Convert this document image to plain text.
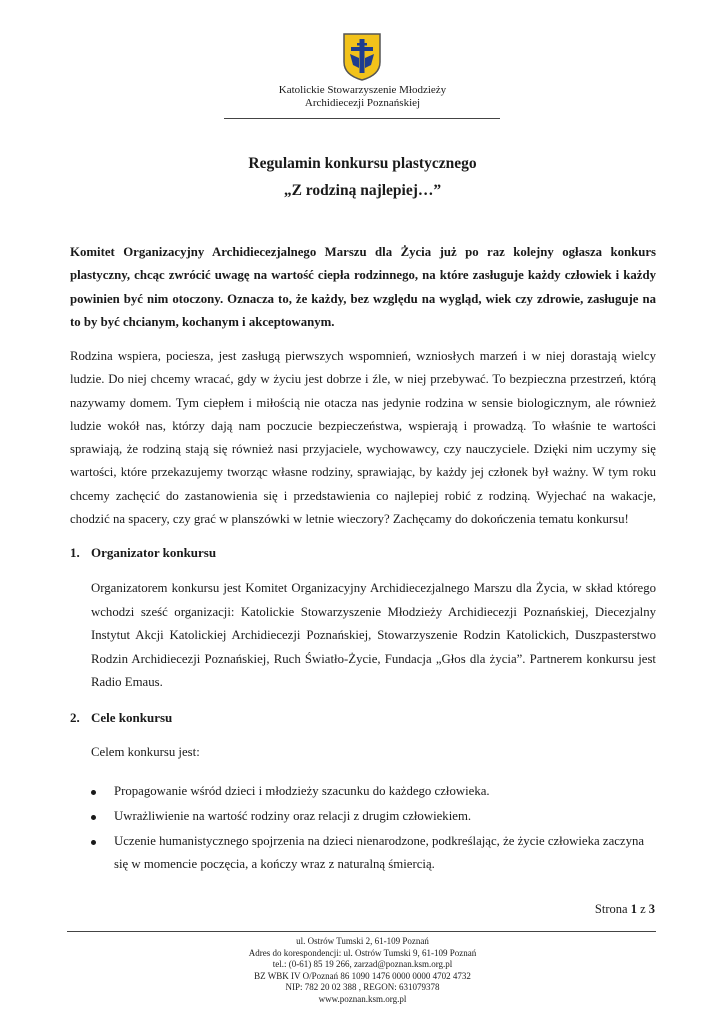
Katolickie Stowarzyszenie Młodzieży
Archidiecezji Poznańskiej
Regulamin konkursu plastycznego
„Z rodziną najlepiej…”

Komitet Organizacyjny Archidiecezjalnego Marszu dla Życia już po raz kolejny ogłasza konkurs plastyczny, chcąc zwrócić uwagę na wartość ciepła rodzinnego, na które zasługuje każdy człowiek i każdy powinien być nim otoczony. Oznacza to, że każdy, bez względu na wygląd, wiek czy zdrowie, zasługuje na to by być chcianym, kochanym i akceptowanym.

Rodzina wspiera, pociesza, jest zasługą pierwszych wspomnień, wzniosłych marzeń i w niej dorastają wielcy ludzie. Do niej chcemy wracać, gdy w życiu jest dobrze i źle, w niej przebywać. To bezpieczna przestrzeń, którą nazywamy domem. Tym ciepłem i miłością nie otacza nas jedynie rodzina w sensie biologicznym, ale również ludzie wokół nas, którzy dają nam poczucie bezpieczeństwa, wspierają i prowadzą. To właśnie te wartości sprawiają, że rodziną stają się również nasi przyjaciele, wychowawcy, czy nauczyciele. Dzięki nim uczymy się wartości, które przekazujemy tworząc własne rodziny, sprawiając, by każdy jej członek był ważny. W tym roku chcemy zachęcić do zastanowienia się i przedstawienia co najlepiej robić z rodziną. Wyjechać na wakacje, chodzić na spacery, czy grać w planszówki w letnie wieczory? Zachęcamy do dokończenia tematu konkursu!

1. Organizator konkursu

Organizatorem konkursu jest Komitet Organizacyjny Archidiecezjalnego Marszu dla Życia, w skład którego wchodzi sześć organizacji: Katolickie Stowarzyszenie Młodzieży Archidiecezji Poznańskiej, Diecezjalny Instytut Akcji Katolickiej Archidiecezji Poznańskiej, Stowarzyszenie Rodzin Katolickich, Duszpasterstwo Rodzin Archidiecezji Poznańskiej, Ruch Światło-Życie, Fundacja „Głos dla życia”. Partnerem konkursu jest Radio Emaus.

2. Cele konkursu

Celem konkursu jest:

Propagowanie wśród dzieci i młodzieży szacunku do każdego człowieka.
Uwrażliwienie na wartość rodziny oraz relacji z drugim człowiekiem.
Uczenie humanistycznego spojrzenia na dzieci nienarodzone, podkreślając, że życie człowieka zaczyna się w momencie poczęcia, a kończy wraz z naturalną śmiercią.
Strona 1 z 3
ul. Ostrów Tumski 2, 61-109 Poznań
Adres do korespondencji: ul. Ostrów Tumski 9, 61-109 Poznań
tel.: (0-61) 85 19 266, zarzad@poznan.ksm.org.pl
BZ WBK IV O/Poznań 86 1090 1476 0000 0000 4702 4732
NIP: 782 20 02 388 , REGON: 631079378
www.poznan.ksm.org.pl
